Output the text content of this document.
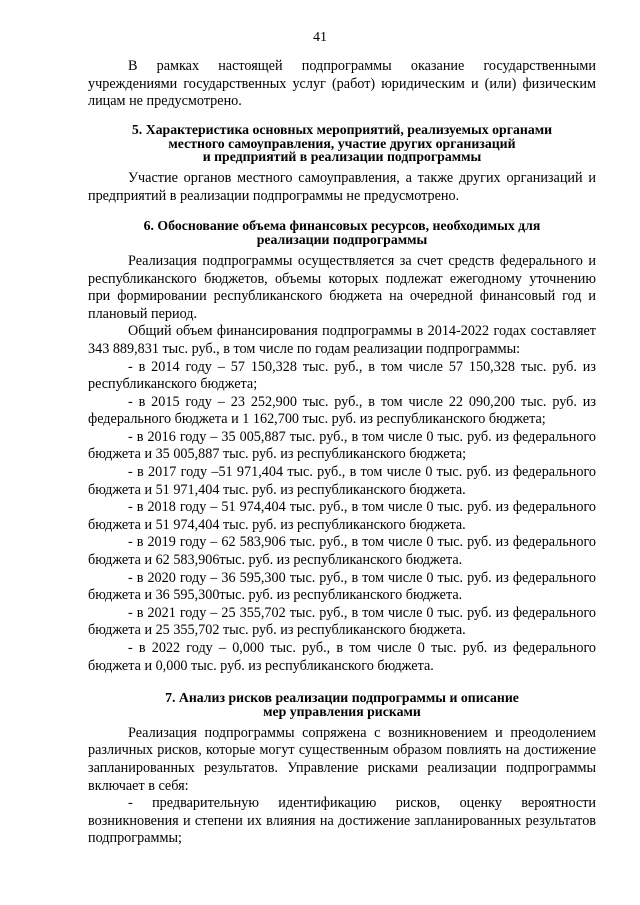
41

В рамках настоящей подпрограммы оказание государственными учреждениями государственных услуг (работ) юридическим и (или) физическим лицам не предусмотрено.

5. Характеристика основных мероприятий, реализуемых органами
местного самоуправления, участие других организаций
и предприятий в реализации подпрограммы

Участие органов местного самоуправления, а также других организаций и предприятий в реализации подпрограммы не предусмотрено.

6. Обоснование объема финансовых ресурсов, необходимых для
реализации подпрограммы

Реализация подпрограммы осуществляется за счет средств федерального и республиканского бюджетов, объемы которых подлежат ежегодному уточнению при формировании республиканского бюджета на очередной финансовый год и плановый период.

Общий объем финансирования подпрограммы в 2014-2022 годах составляет 343 889,831 тыс. руб., в том числе по годам реализации подпрограммы:

- в 2014 году – 57 150,328 тыс. руб., в том числе 57 150,328 тыс. руб. из республиканского бюджета;

- в 2015 году – 23 252,900 тыс. руб., в том числе 22 090,200 тыс. руб. из федерального бюджета и 1 162,700 тыс. руб. из республиканского бюджета;

- в 2016 году – 35 005,887 тыс. руб., в том числе 0 тыс. руб. из федерального бюджета и 35 005,887 тыс. руб. из республиканского бюджета;

- в 2017 году –51 971,404 тыс. руб., в том числе 0 тыс. руб. из федерального бюджета и 51 971,404 тыс. руб. из республиканского бюджета.

- в 2018 году – 51 974,404 тыс. руб., в том числе 0 тыс. руб. из федерального бюджета и 51 974,404 тыс. руб. из республиканского бюджета.

- в 2019 году – 62 583,906 тыс. руб., в том числе 0 тыс. руб. из федерального бюджета и 62 583,906тыс. руб. из республиканского бюджета.

- в 2020 году – 36 595,300 тыс. руб., в том числе 0 тыс. руб. из федерального бюджета и 36 595,300тыс. руб. из республиканского бюджета.

- в 2021 году – 25 355,702 тыс. руб., в том числе 0 тыс. руб. из федерального бюджета и 25 355,702 тыс. руб. из республиканского бюджета.

- в 2022 году – 0,000 тыс. руб., в том числе 0 тыс. руб. из федерального бюджета и 0,000 тыс. руб. из республиканского бюджета.

7. Анализ рисков реализации подпрограммы и описание
мер управления рисками

Реализация подпрограммы сопряжена с возникновением и преодолением различных рисков, которые могут существенным образом повлиять на достижение запланированных результатов. Управление рисками реализации подпрограммы включает в себя:

- предварительную идентификацию рисков, оценку вероятности возникновения и степени их влияния на достижение запланированных результатов подпрограммы;
